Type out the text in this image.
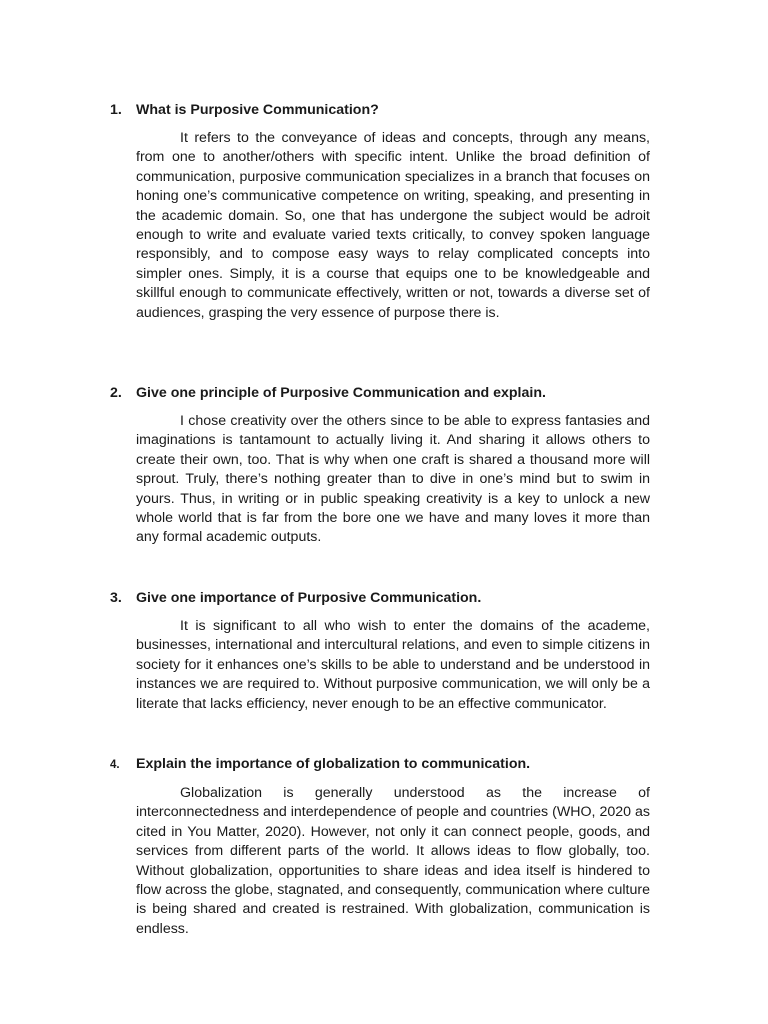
1. What is Purposive Communication?

It refers to the conveyance of ideas and concepts, through any means, from one to another/others with specific intent. Unlike the broad definition of communication, purposive communication specializes in a branch that focuses on honing one’s communicative competence on writing, speaking, and presenting in the academic domain. So, one that has undergone the subject would be adroit enough to write and evaluate varied texts critically, to convey spoken language responsibly, and to compose easy ways to relay complicated concepts into simpler ones. Simply, it is a course that equips one to be knowledgeable and skillful enough to communicate effectively, written or not, towards a diverse set of audiences, grasping the very essence of purpose there is.

2. Give one principle of Purposive Communication and explain.

I chose creativity over the others since to be able to express fantasies and imaginations is tantamount to actually living it. And sharing it allows others to create their own, too. That is why when one craft is shared a thousand more will sprout. Truly, there’s nothing greater than to dive in one’s mind but to swim in yours. Thus, in writing or in public speaking creativity is a key to unlock a new whole world that is far from the bore one we have and many loves it more than any formal academic outputs.

3. Give one importance of Purposive Communication.

It is significant to all who wish to enter the domains of the academe, businesses, international and intercultural relations, and even to simple citizens in society for it enhances one’s skills to be able to understand and be understood in instances we are required to. Without purposive communication, we will only be a literate that lacks efficiency, never enough to be an effective communicator.

4.	Explain the importance of globalization to communication.

Globalization is generally understood as the increase of interconnectedness and interdependence of people and countries (WHO, 2020 as cited in You Matter, 2020). However, not only it can connect people, goods, and services from different parts of the world. It allows ideas to flow globally, too. Without globalization, opportunities to share ideas and idea itself is hindered to flow across the globe, stagnated, and consequently, communication where culture is being shared and created is restrained. With globalization, communication is endless.
